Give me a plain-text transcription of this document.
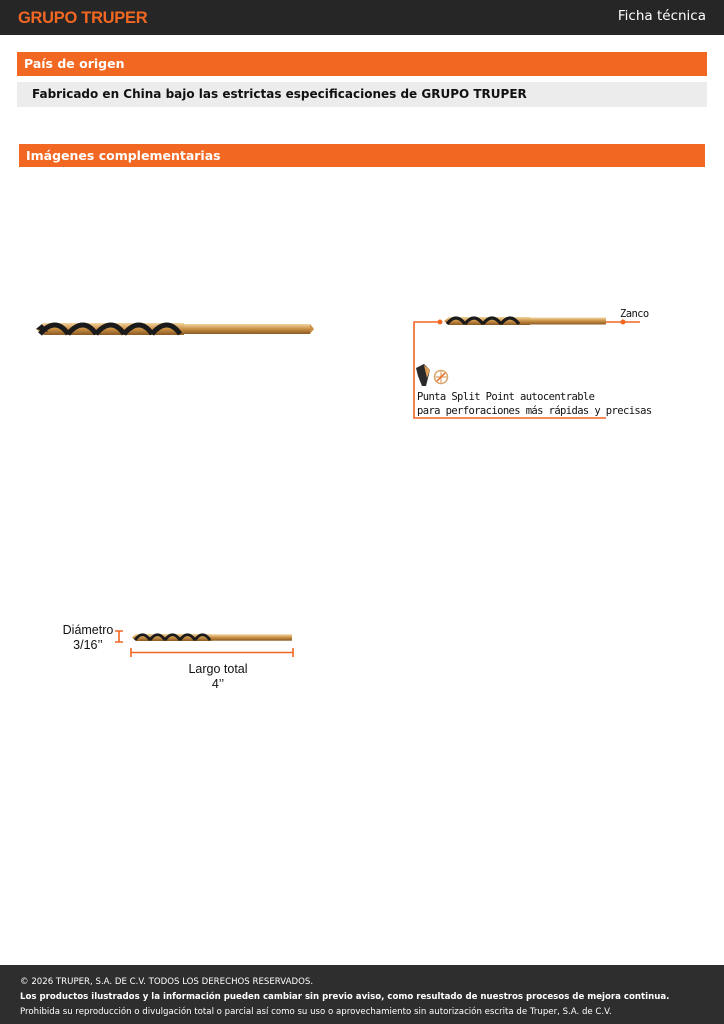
GRUPO TRUPER	Ficha técnica
País de origen
Fabricado en China bajo las estrictas especificaciones de GRUPO TRUPER
Imágenes complementarias
Zanco
Punta Split Point autocentrable
para perforaciones más rápidas y precisas
Diámetro
3/16’’
Largo total
4’’
© 2026 TRUPER, S.A. DE C.V. TODOS LOS DERECHOS RESERVADOS.
Los productos ilustrados y la información pueden cambiar sin previo aviso, como resultado de nuestros procesos de mejora continua.
Prohibida su reproducción o divulgación total o parcial así como su uso o aprovechamiento sin autorización escrita de Truper, S.A. de C.V.
